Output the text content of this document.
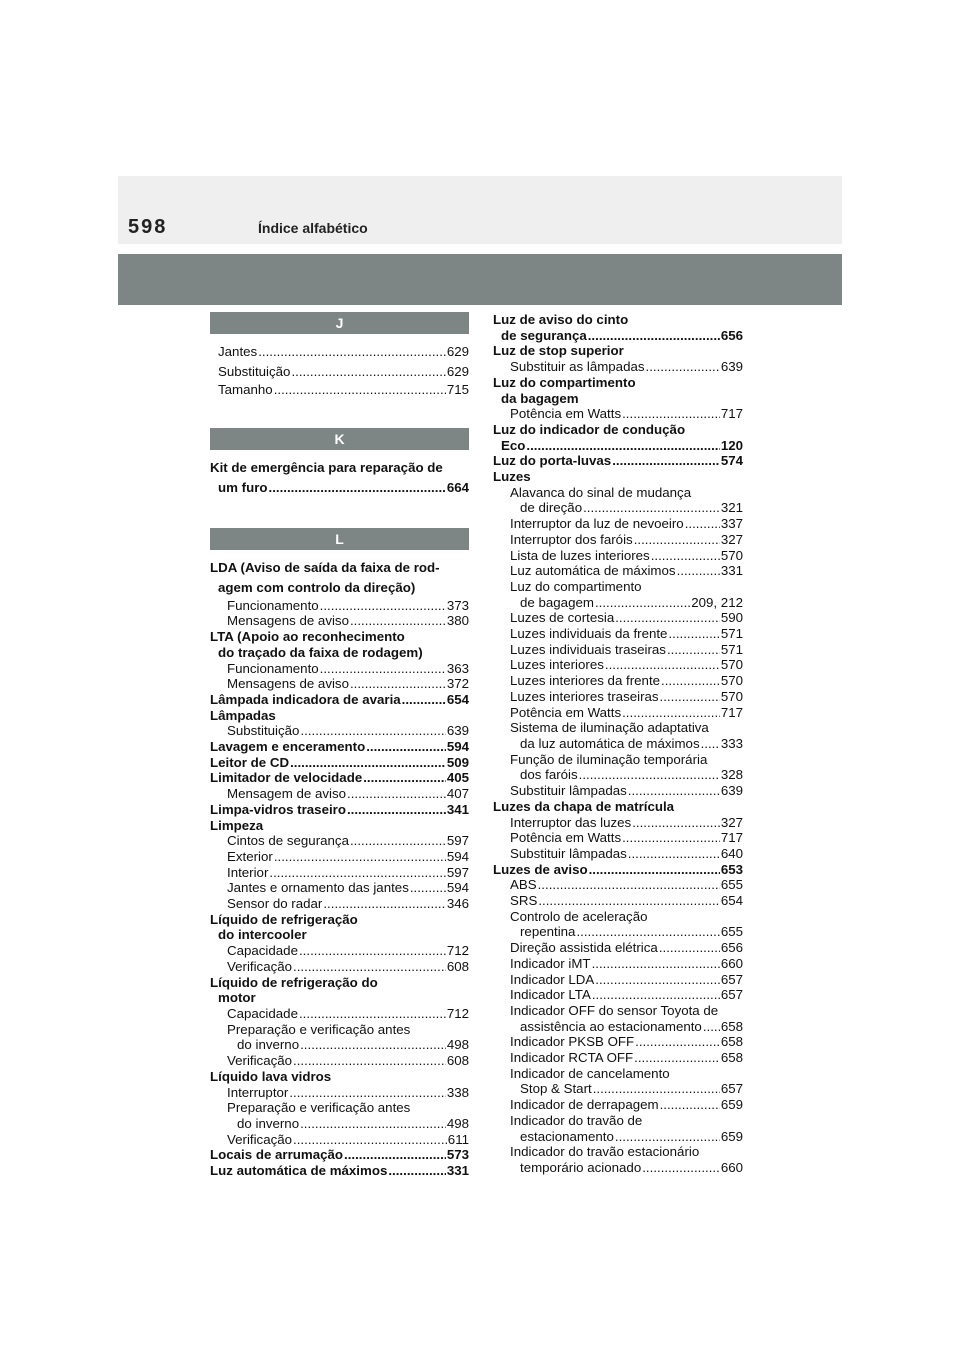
598	Índice alfabético
J
Jantes .....	629
Substituição .....	629
Tamanho .....	715
K
Kit de emergência para reparação de
um furo .....	664
L
LDA (Aviso de saída da faixa de rod-
agem com controlo da direção)
Funcionamento .....	373
Mensagens de aviso .....	380
LTA (Apoio ao reconhecimento
do traçado da faixa de rodagem)
Funcionamento .....	363
Mensagens de aviso .....	372
Lâmpada indicadora de avaria .....	654
Lâmpadas
Substituição .....	639
Lavagem e enceramento .....	594
Leitor de CD .....	509
Limitador de velocidade .....	405
Mensagem de aviso .....	407
Limpa-vidros traseiro .....	341
Limpeza
Cintos de segurança .....	597
Exterior .....	594
Interior .....	597
Jantes e ornamento das jantes .....	594
Sensor do radar .....	346
Líquido de refrigeração
do intercooler
Capacidade .....	712
Verificação .....	608
Líquido de refrigeração do
motor
Capacidade .....	712
Preparação e verificação antes
do inverno .....	498
Verificação .....	608
Líquido lava vidros
Interruptor .....	338
Preparação e verificação antes
do inverno .....	498
Verificação .....	611
Locais de arrumação .....	573
Luz automática de máximos .....	331
Luz de aviso do cinto
de segurança .....	656
Luz de stop superior
Substituir as lâmpadas .....	639
Luz do compartimento
da bagagem
Potência em Watts .....	717
Luz do indicador de condução
Eco .....	120
Luz do porta-luvas .....	574
Luzes
Alavanca do sinal de mudança
de direção .....	321
Interruptor da luz de nevoeiro .....	337
Interruptor dos faróis .....	327
Lista de luzes interiores .....	570
Luz automática de máximos .....	331
Luz do compartimento
de bagagem .....	209, 212
Luzes de cortesia .....	590
Luzes individuais da frente .....	571
Luzes individuais traseiras .....	571
Luzes interiores .....	570
Luzes interiores da frente .....	570
Luzes interiores traseiras .....	570
Potência em Watts .....	717
Sistema de iluminação adaptativa
da luz automática de máximos ..... 333
Função de iluminação temporária
dos faróis .....	328
Substituir lâmpadas .....	639
Luzes da chapa de matrícula
Interruptor das luzes .....	327
Potência em Watts .....	717
Substituir lâmpadas .....	640
Luzes de aviso .....	653
ABS .....	655
SRS .....	654
Controlo de aceleração
repentina .....	655
Direção assistida elétrica .....	656
Indicador iMT .....	660
Indicador LDA .....	657
Indicador LTA .....	657
Indicador OFF do sensor Toyota de
assistência ao estacionamento ..... 658
Indicador PKSB OFF .....	658
Indicador RCTA OFF .....	658
Indicador de cancelamento
Stop & Start .....	657
Indicador de derrapagem .....	659
Indicador do travão de
estacionamento .....	659
Indicador do travão estacionário
temporário acionado .....	660
